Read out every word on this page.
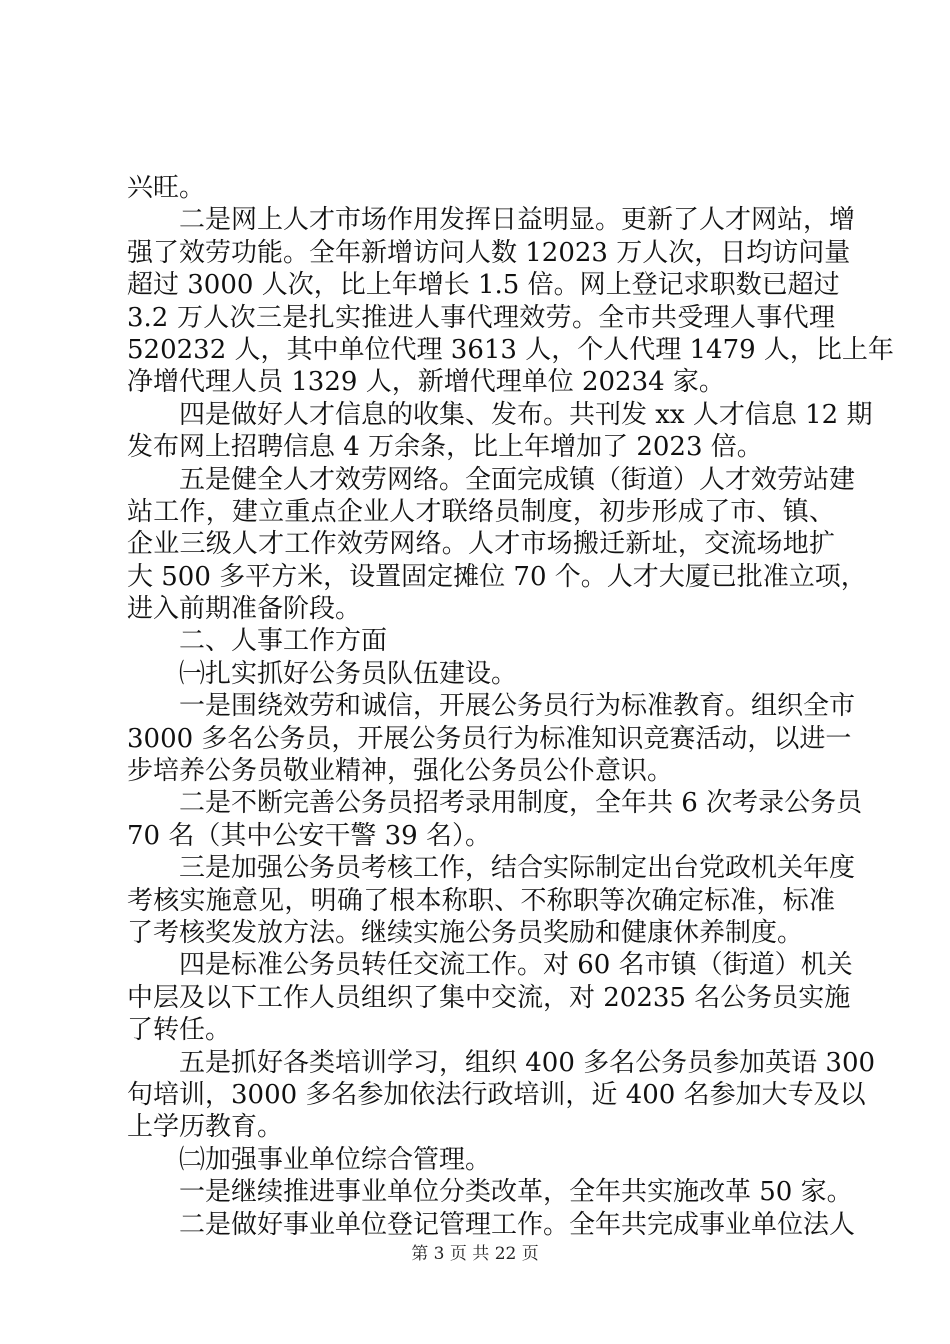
兴旺。
二是网上人才市场作用发挥日益明显。更新了人才网站，增
强了效劳功能。全年新增访问人数 12023 万人次，日均访问量
超过 3000 人次，比上年增长 1.5 倍。网上登记求职数已超过
3.2 万人次三是扎实推进人事代理效劳。全市共受理人事代理
520232 人，其中单位代理 3613 人，个人代理 1479 人，比上年
净增代理人员 1329 人，新增代理单位 20234 家。
四是做好人才信息的收集、发布。共刊发 xx 人才信息 12 期
发布网上招聘信息 4 万余条，比上年增加了 2023 倍。
五是健全人才效劳网络。全面完成镇（街道）人才效劳站建
站工作，建立重点企业人才联络员制度，初步形成了市、镇、
企业三级人才工作效劳网络。人才市场搬迁新址，交流场地扩
大 500 多平方米，设置固定摊位 70 个。人才大厦已批准立项，
进入前期准备阶段。
二、人事工作方面
㈠扎实抓好公务员队伍建设。
一是围绕效劳和诚信，开展公务员行为标准教育。组织全市
3000 多名公务员，开展公务员行为标准知识竞赛活动，以进一
步培养公务员敬业精神，强化公务员公仆意识。
二是不断完善公务员招考录用制度，全年共 6 次考录公务员
70 名（其中公安干警 39 名）。
三是加强公务员考核工作，结合实际制定出台党政机关年度
考核实施意见，明确了根本称职、不称职等次确定标准，标准
了考核奖发放方法。继续实施公务员奖励和健康休养制度。
四是标准公务员转任交流工作。对 60 名市镇（街道）机关
中层及以下工作人员组织了集中交流，对 20235 名公务员实施
了转任。
五是抓好各类培训学习，组织 400 多名公务员参加英语 300
句培训，3000 多名参加依法行政培训，近 400 名参加大专及以
上学历教育。
㈡加强事业单位综合管理。
一是继续推进事业单位分类改革，全年共实施改革 50 家。
二是做好事业单位登记管理工作。全年共完成事业单位法人
第 3 页 共 22 页
